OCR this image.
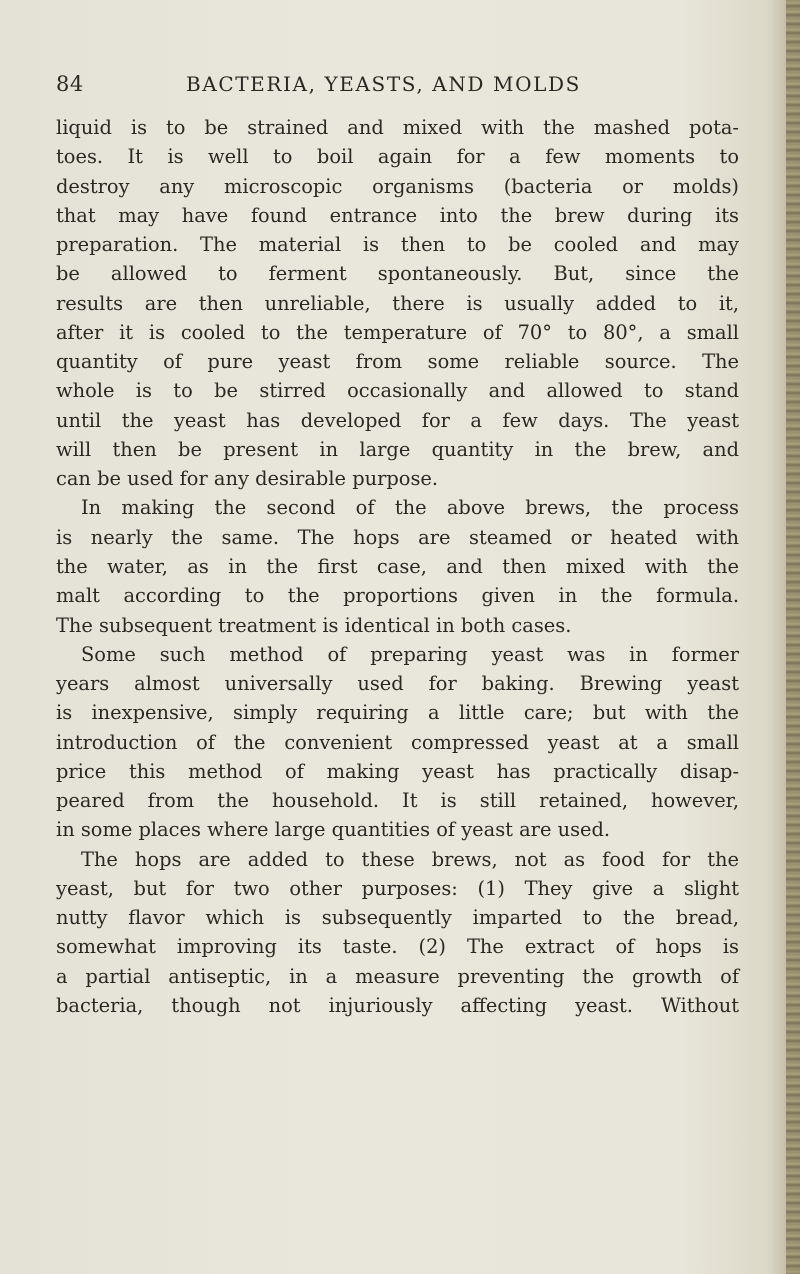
84	BACTERIA, YEASTS, AND MOLDS
liquid is to be strained and mixed with the mashed pota-
toes. It is well to boil again for a few moments to
destroy any microscopic organisms (bacteria or molds)
that may have found entrance into the brew during its
preparation. The material is then to be cooled and may
be allowed to ferment spontaneously. But, since the
results are then unreliable, there is usually added to it,
after it is cooled to the temperature of 70° to 80°, a small
quantity of pure yeast from some reliable source. The
whole is to be stirred occasionally and allowed to stand
until the yeast has developed for a few days. The yeast
will then be present in large quantity in the brew, and
can be used for any desirable purpose.
In making the second of the above brews, the process
is nearly the same. The hops are steamed or heated with
the water, as in the first case, and then mixed with the
malt according to the proportions given in the formula.
The subsequent treatment is identical in both cases.
Some such method of preparing yeast was in former
years almost universally used for baking. Brewing yeast
is inexpensive, simply requiring a little care; but with the
introduction of the convenient compressed yeast at a small
price this method of making yeast has practically disap-
peared from the household. It is still retained, however,
in some places where large quantities of yeast are used.
The hops are added to these brews, not as food for the
yeast, but for two other purposes: (1) They give a slight
nutty flavor which is subsequently imparted to the bread,
somewhat improving its taste. (2) The extract of hops is
a partial antiseptic, in a measure preventing the growth of
bacteria, though not injuriously affecting yeast. Without
